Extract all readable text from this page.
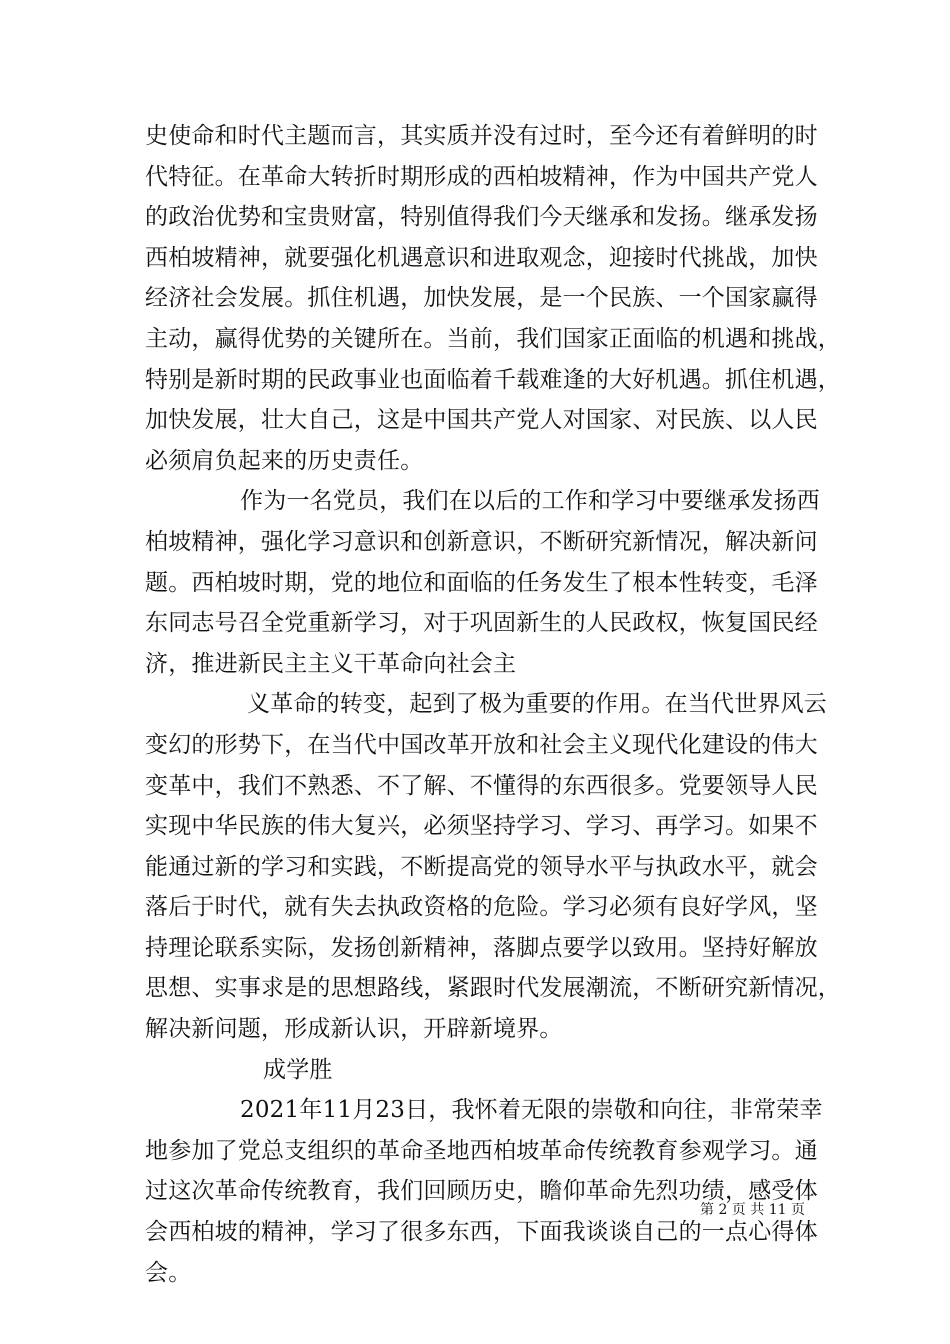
史使命和时代主题而言，其实质并没有过时，至今还有着鲜明的时
代特征。在革命大转折时期形成的西柏坡精神，作为中国共产党人
的政治优势和宝贵财富，特别值得我们今天继承和发扬。继承发扬
西柏坡精神，就要强化机遇意识和进取观念，迎接时代挑战，加快
经济社会发展。抓住机遇，加快发展，是一个民族、一个国家赢得
主动，赢得优势的关键所在。当前，我们国家正面临的机遇和挑战，
特别是新时期的民政事业也面临着千载难逢的大好机遇。抓住机遇，
加快发展，壮大自己，这是中国共产党人对国家、对民族、以人民
必须肩负起来的历史责任。
作为一名党员，我们在以后的工作和学习中要继承发扬西
柏坡精神，强化学习意识和创新意识，不断研究新情况，解决新问
题。西柏坡时期，党的地位和面临的任务发生了根本性转变，毛泽
东同志号召全党重新学习，对于巩固新生的人民政权，恢复国民经
济，推进新民主主义干革命向社会主
义革命的转变，起到了极为重要的作用。在当代世界风云
变幻的形势下，在当代中国改革开放和社会主义现代化建设的伟大
变革中，我们不熟悉、不了解、不懂得的东西很多。党要领导人民
实现中华民族的伟大复兴，必须坚持学习、学习、再学习。如果不
能通过新的学习和实践，不断提高党的领导水平与执政水平，就会
落后于时代，就有失去执政资格的危险。学习必须有良好学风，坚
持理论联系实际，发扬创新精神，落脚点要学以致用。坚持好解放
思想、实事求是的思想路线，紧跟时代发展潮流，不断研究新情况，
解决新问题，形成新认识，开辟新境界。
成学胜
2021年11月23日，我怀着无限的崇敬和向往，非常荣幸
地参加了党总支组织的革命圣地西柏坡革命传统教育参观学习。通
过这次革命传统教育，我们回顾历史，瞻仰革命先烈功绩，感受体
会西柏坡的精神，学习了很多东西，下面我谈谈自己的一点心得体
会。
第 2 页 共 11 页
